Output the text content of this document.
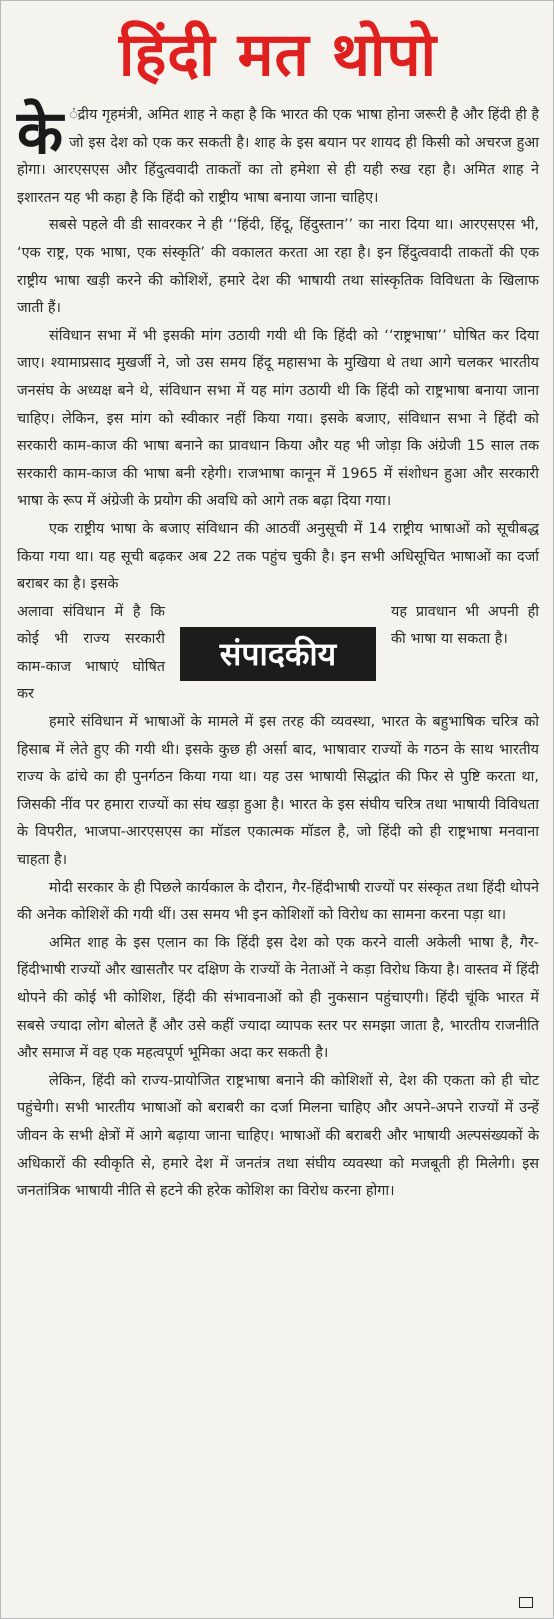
हिंदी मत थोपो

के ंद्रीय गृहमंत्री, अमित शाह ने कहा है कि भारत की एक भाषा होना जरूरी है और हिंदी ही है जो इस देश को एक कर सकती है। शाह के इस बयान पर शायद ही किसी को अचरज हुआ होगा। आरएसएस और हिंदुत्ववादी ताकतों का तो हमेशा से ही यही रुख रहा है। अमित शाह ने इशारतन यह भी कहा है कि हिंदी को राष्ट्रीय भाषा बनाया जाना चाहिए।

सबसे पहले वी डी सावरकर ने ही ‘‘हिंदी, हिंदू, हिंदुस्तान’’ का नारा दिया था। आरएसएस भी, ‘एक राष्ट्र, एक भाषा, एक संस्कृति’ की वकालत करता आ रहा है। इन हिंदुत्ववादी ताकतों की एक राष्ट्रीय भाषा खड़ी करने की कोशिशें, हमारे देश की भाषायी तथा सांस्कृतिक विविधता के खिलाफ जाती हैं।

संविधान सभा में भी इसकी मांग उठायी गयी थी कि हिंदी को ‘‘राष्ट्रभाषा’’ घोषित कर दिया जाए। श्यामाप्रसाद मुखर्जी ने, जो उस समय हिंदू महासभा के मुखिया थे तथा आगे चलकर भारतीय जनसंघ के अध्यक्ष बने थे, संविधान सभा में यह मांग उठायी थी कि हिंदी को राष्ट्रभाषा बनाया जाना चाहिए। लेकिन, इस मांग को स्वीकार नहीं किया गया। इसके बजाए, संविधान सभा ने हिंदी को सरकारी काम-काज की भाषा बनाने का प्रावधान किया और यह भी जोड़ा कि अंग्रेजी 15 साल तक सरकारी काम-काज की भाषा बनी रहेगी। राजभाषा कानून में 1965 में संशोधन हुआ और सरकारी भाषा के रूप में अंग्रेजी के प्रयोग की अवधि को आगे तक बढ़ा दिया गया।

एक राष्ट्रीय भाषा के बजाए संविधान की आठवीं अनुसूची में 14 राष्ट्रीय भाषाओं को सूचीबद्ध किया गया था। यह सूची बढ़कर अब 22 तक पहुंच चुकी है। इन सभी अधिसूचित भाषाओं का दर्जा बराबर का है। इसके

अलावा संविधान में है कि कोई भी राज्य सरकारी काम-काज भाषाएं घोषित कर
संपादकीय
यह प्रावधान भी अपनी ही की भाषा या सकता है।

हमारे संविधान में भाषाओं के मामले में इस तरह की व्यवस्था, भारत के बहुभाषिक चरित्र को हिसाब में लेते हुए की गयी थी। इसके कुछ ही अर्सा बाद, भाषावार राज्यों के गठन के साथ भारतीय राज्य के ढांचे का ही पुनर्गठन किया गया था। यह उस भाषायी सिद्धांत की फिर से पुष्टि करता था, जिसकी नींव पर हमारा राज्यों का संघ खड़ा हुआ है। भारत के इस संघीय चरित्र तथा भाषायी विविधता के विपरीत, भाजपा-आरएसएस का मॉडल एकात्मक मॉडल है, जो हिंदी को ही राष्ट्रभाषा मनवाना चाहता है।

मोदी सरकार के ही पिछले कार्यकाल के दौरान, गैर-हिंदीभाषी राज्यों पर संस्कृत तथा हिंदी थोपने की अनेक कोशिशें की गयी थीं। उस समय भी इन कोशिशों को विरोध का सामना करना पड़ा था।

अमित शाह के इस एलान का कि हिंदी इस देश को एक करने वाली अकेली भाषा है, गैर-हिंदीभाषी राज्यों और खासतौर पर दक्षिण के राज्यों के नेताओं ने कड़ा विरोध किया है। वास्तव में हिंदी थोपने की कोई भी कोशिश, हिंदी की संभावनाओं को ही नुकसान पहुंचाएगी। हिंदी चूंकि भारत में सबसे ज्यादा लोग बोलते हैं और उसे कहीं ज्यादा व्यापक स्तर पर समझा जाता है, भारतीय राजनीति और समाज में वह एक महत्वपूर्ण भूमिका अदा कर सकती है।

लेकिन, हिंदी को राज्य-प्रायोजित राष्ट्रभाषा बनाने की कोशिशों से, देश की एकता को ही चोट पहुंचेगी। सभी भारतीय भाषाओं को बराबरी का दर्जा मिलना चाहिए और अपने-अपने राज्यों में उन्हें जीवन के सभी क्षेत्रों में आगे बढ़ाया जाना चाहिए। भाषाओं की बराबरी और भाषायी अल्पसंख्यकों के अधिकारों की स्वीकृति से, हमारे देश में जनतंत्र तथा संघीय व्यवस्था को मजबूती ही मिलेगी। इस जनतांत्रिक भाषायी नीति से हटने की हरेक कोशिश का विरोध करना होगा।
